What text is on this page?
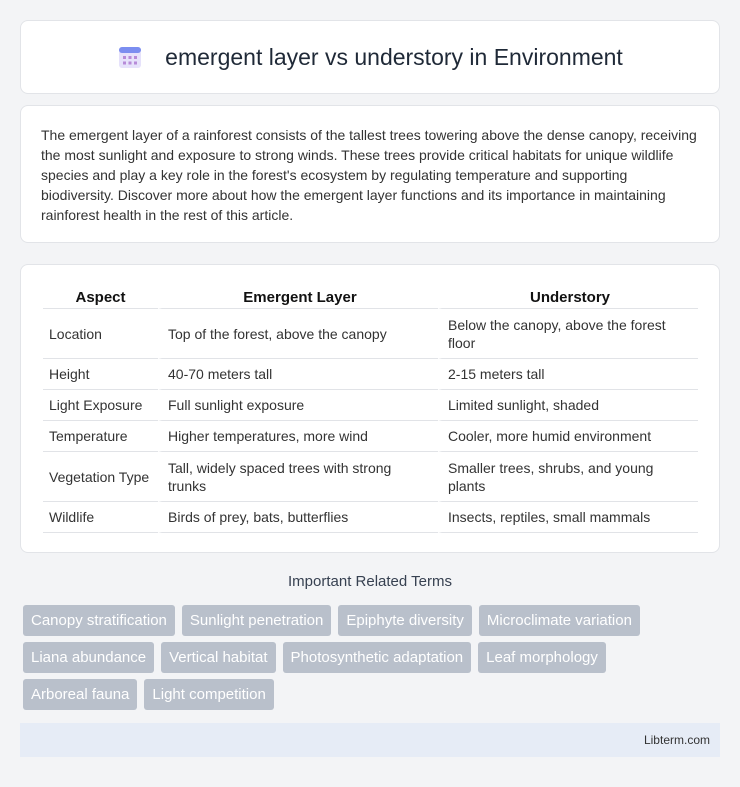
emergent layer vs understory in Environment

The emergent layer of a rainforest consists of the tallest trees towering above the dense canopy, receiving the most sunlight and exposure to strong winds. These trees provide critical habitats for unique wildlife species and play a key role in the forest's ecosystem by regulating temperature and supporting biodiversity. Discover more about how the emergent layer functions and its importance in maintaining rainforest health in the rest of this article.

Aspect	Emergent Layer	Understory
Location	Top of the forest, above the canopy	Below the canopy, above the forest floor
Height	40-70 meters tall	2-15 meters tall
Light Exposure	Full sunlight exposure	Limited sunlight, shaded
Temperature	Higher temperatures, more wind	Cooler, more humid environment
Vegetation Type	Tall, widely spaced trees with strong trunks	Smaller trees, shrubs, and young plants
Wildlife	Birds of prey, bats, butterflies	Insects, reptiles, small mammals
Important Related Terms
Canopy stratification	Sunlight penetration	Epiphyte diversity	Microclimate variation
Liana abundance	Vertical habitat	Photosynthetic adaptation	Leaf morphology
Arboreal fauna	Light competition
Libterm.com
